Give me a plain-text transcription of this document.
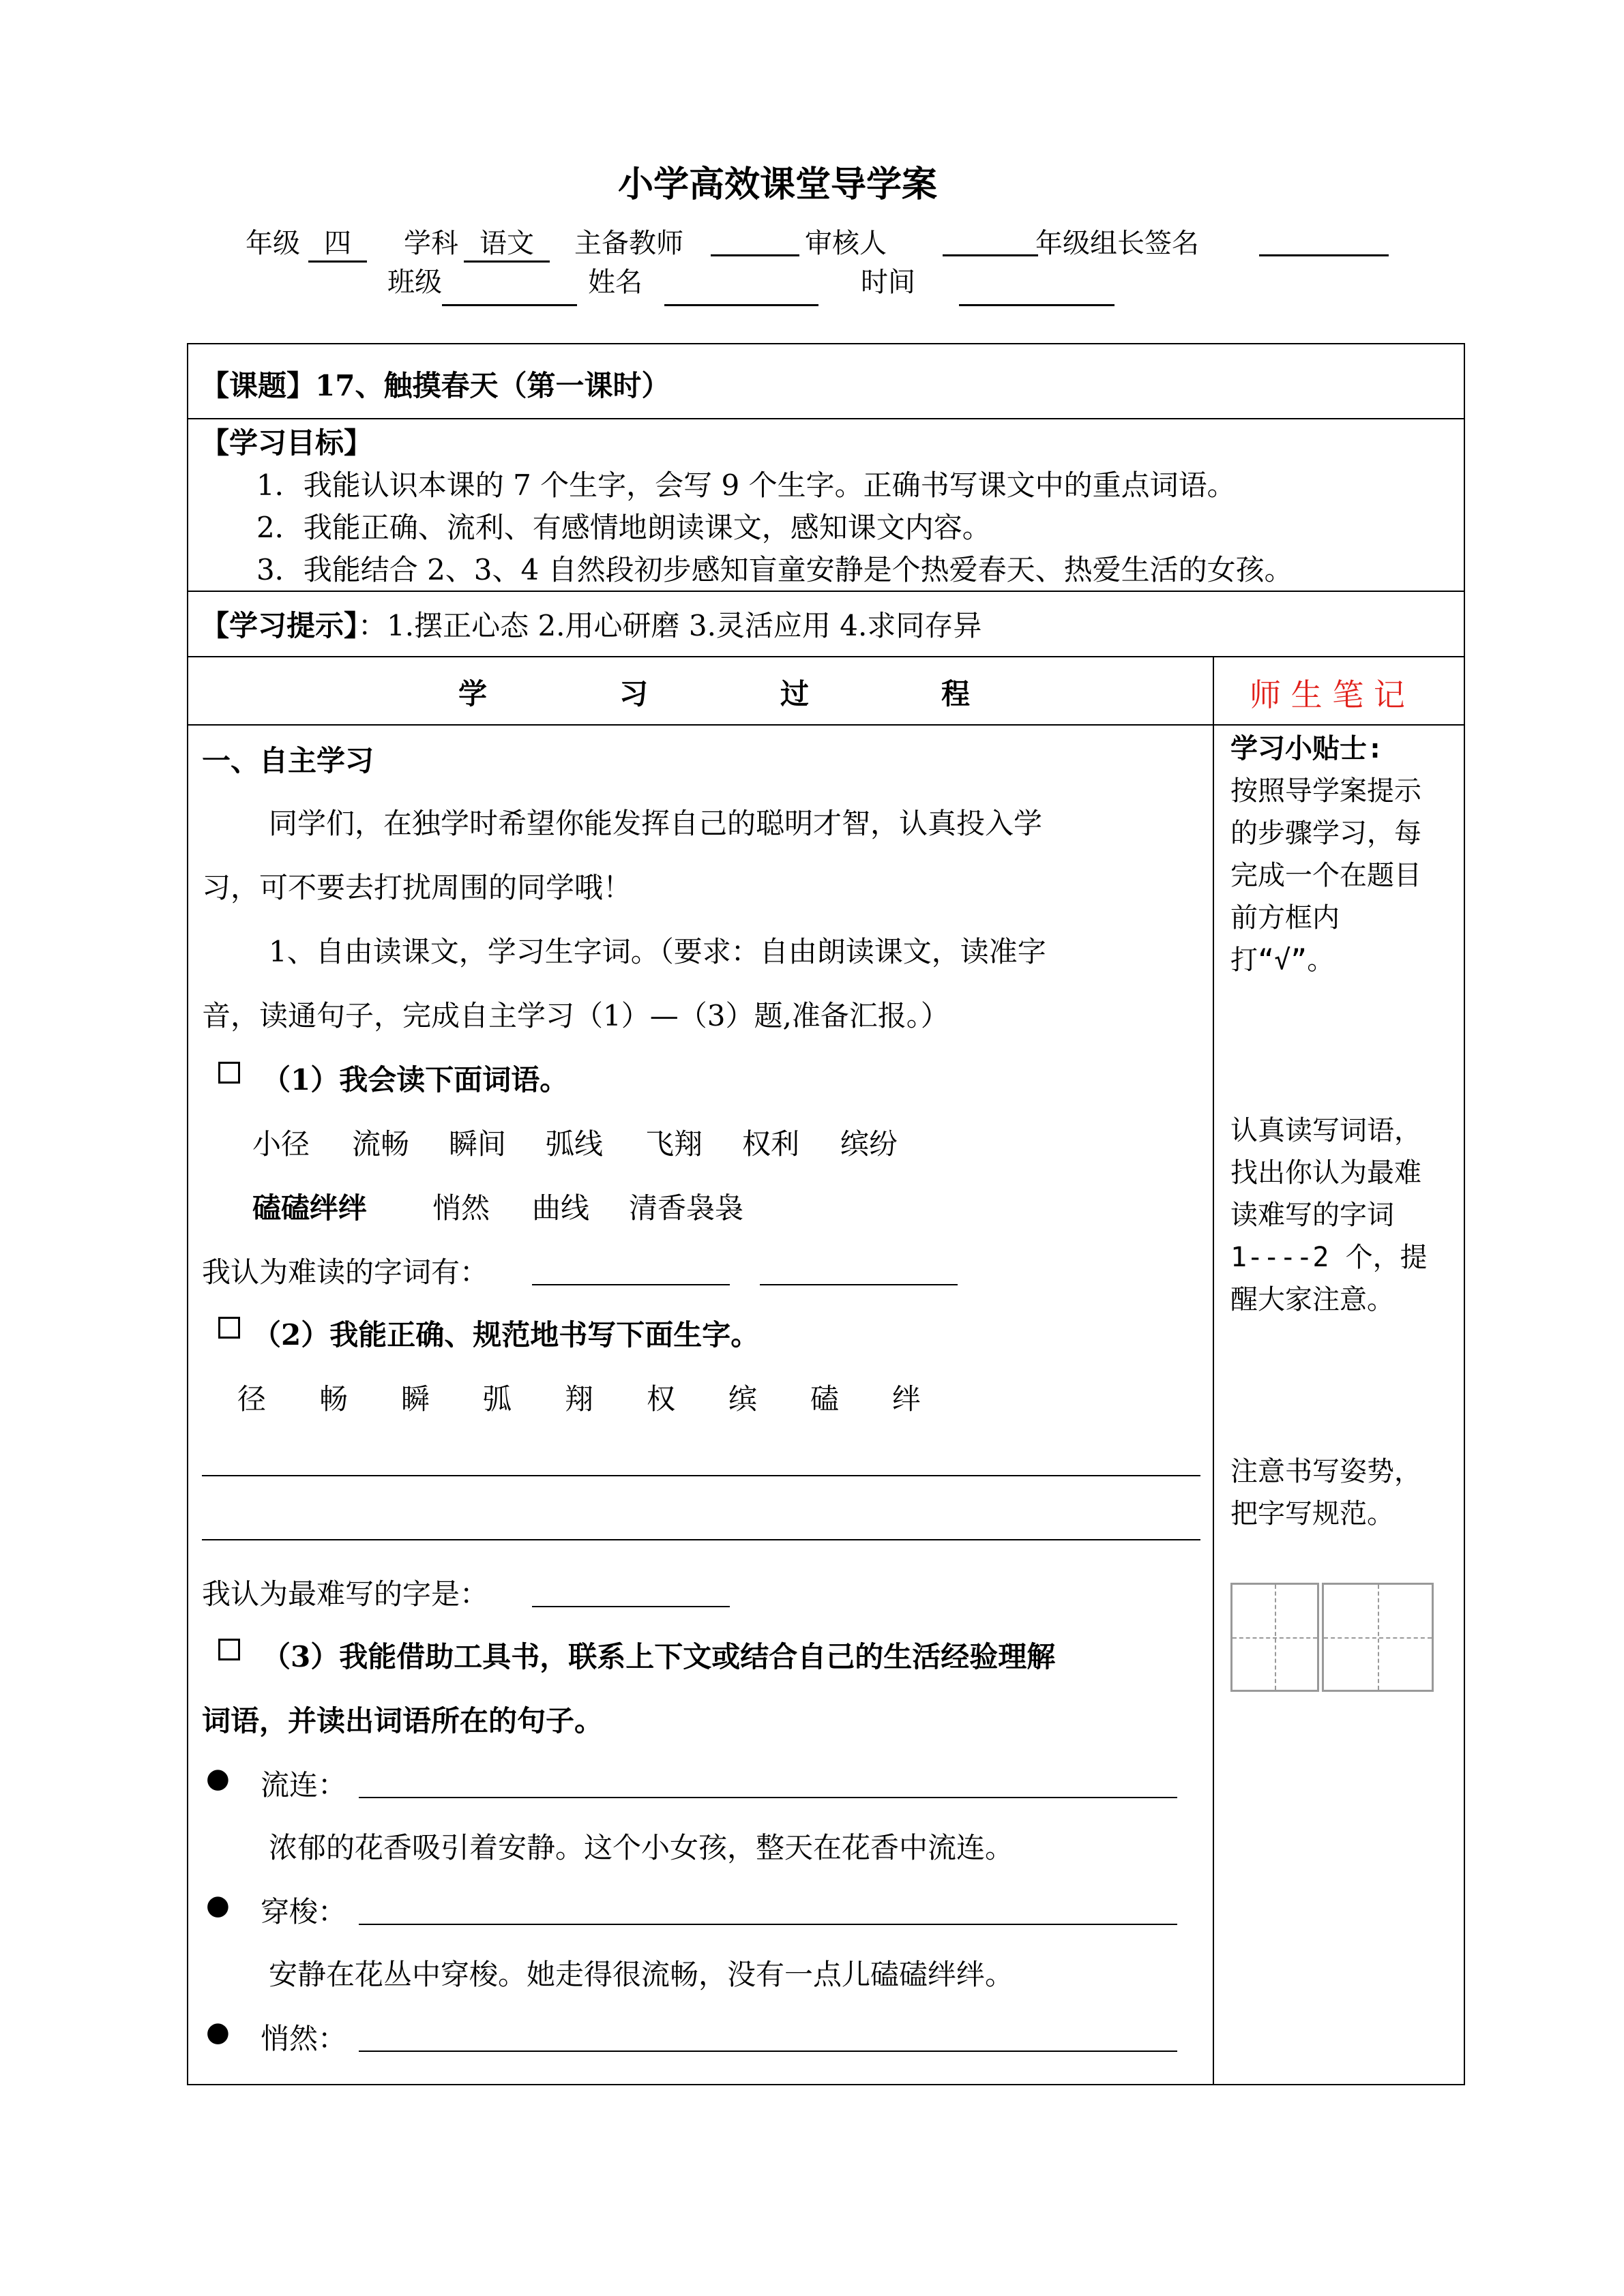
小学高效课堂导学案
年级 四	学科 语文	主备教师	审核人	年级组长签名
班级	姓名	时间
【课题】17、触摸春天（第一课时）
【学习目标】
1．我能认识本课的 7 个生字，会写 9 个生字。正确书写课文中的重点词语。
2．我能正确、流利、有感情地朗读课文，感知课文内容。
3．我能结合 2、3、4 自然段初步感知盲童安静是个热爱春天、热爱生活的女孩。
【学习提示】：1.摆正心态 2.用心研磨 3.灵活应用 4.求同存异
学	习	过	程	师 生 笔 记
一、自主学习
同学们，在独学时希望你能发挥自己的聪明才智，认真投入学
习，可不要去打扰周围的同学哦！
1、自由读课文，学习生字词。（要求：自由朗读课文，读准字
音，读通句子，完成自主学习（1）—（3）题,准备汇报。）
（1）我会读下面词语。
小径 流畅 瞬间 弧线 飞翔 权利 缤纷
磕磕绊绊 悄然 曲线 清香袅袅
我认为难读的字词有：
（2）我能正确、规范地书写下面生字。
径 畅 瞬 弧 翔 权 缤 磕 绊
我认为最难写的字是：
（3）我能借助工具书，联系上下文或结合自己的生活经验理解
词语，并读出词语所在的句子。
● 流连：
浓郁的花香吸引着安静。这个小女孩，整天在花香中流连。
● 穿梭：
安静在花丛中穿梭。她走得很流畅，没有一点儿磕磕绊绊。
● 悄然：
学习小贴士:
按照导学案提示的步骤学习，每完成一个在题目前方框内打“√”。
认真读写词语，找出你认为最难读难写的字词 1----2 个，提醒大家注意。
注意书写姿势，把字写规范。
